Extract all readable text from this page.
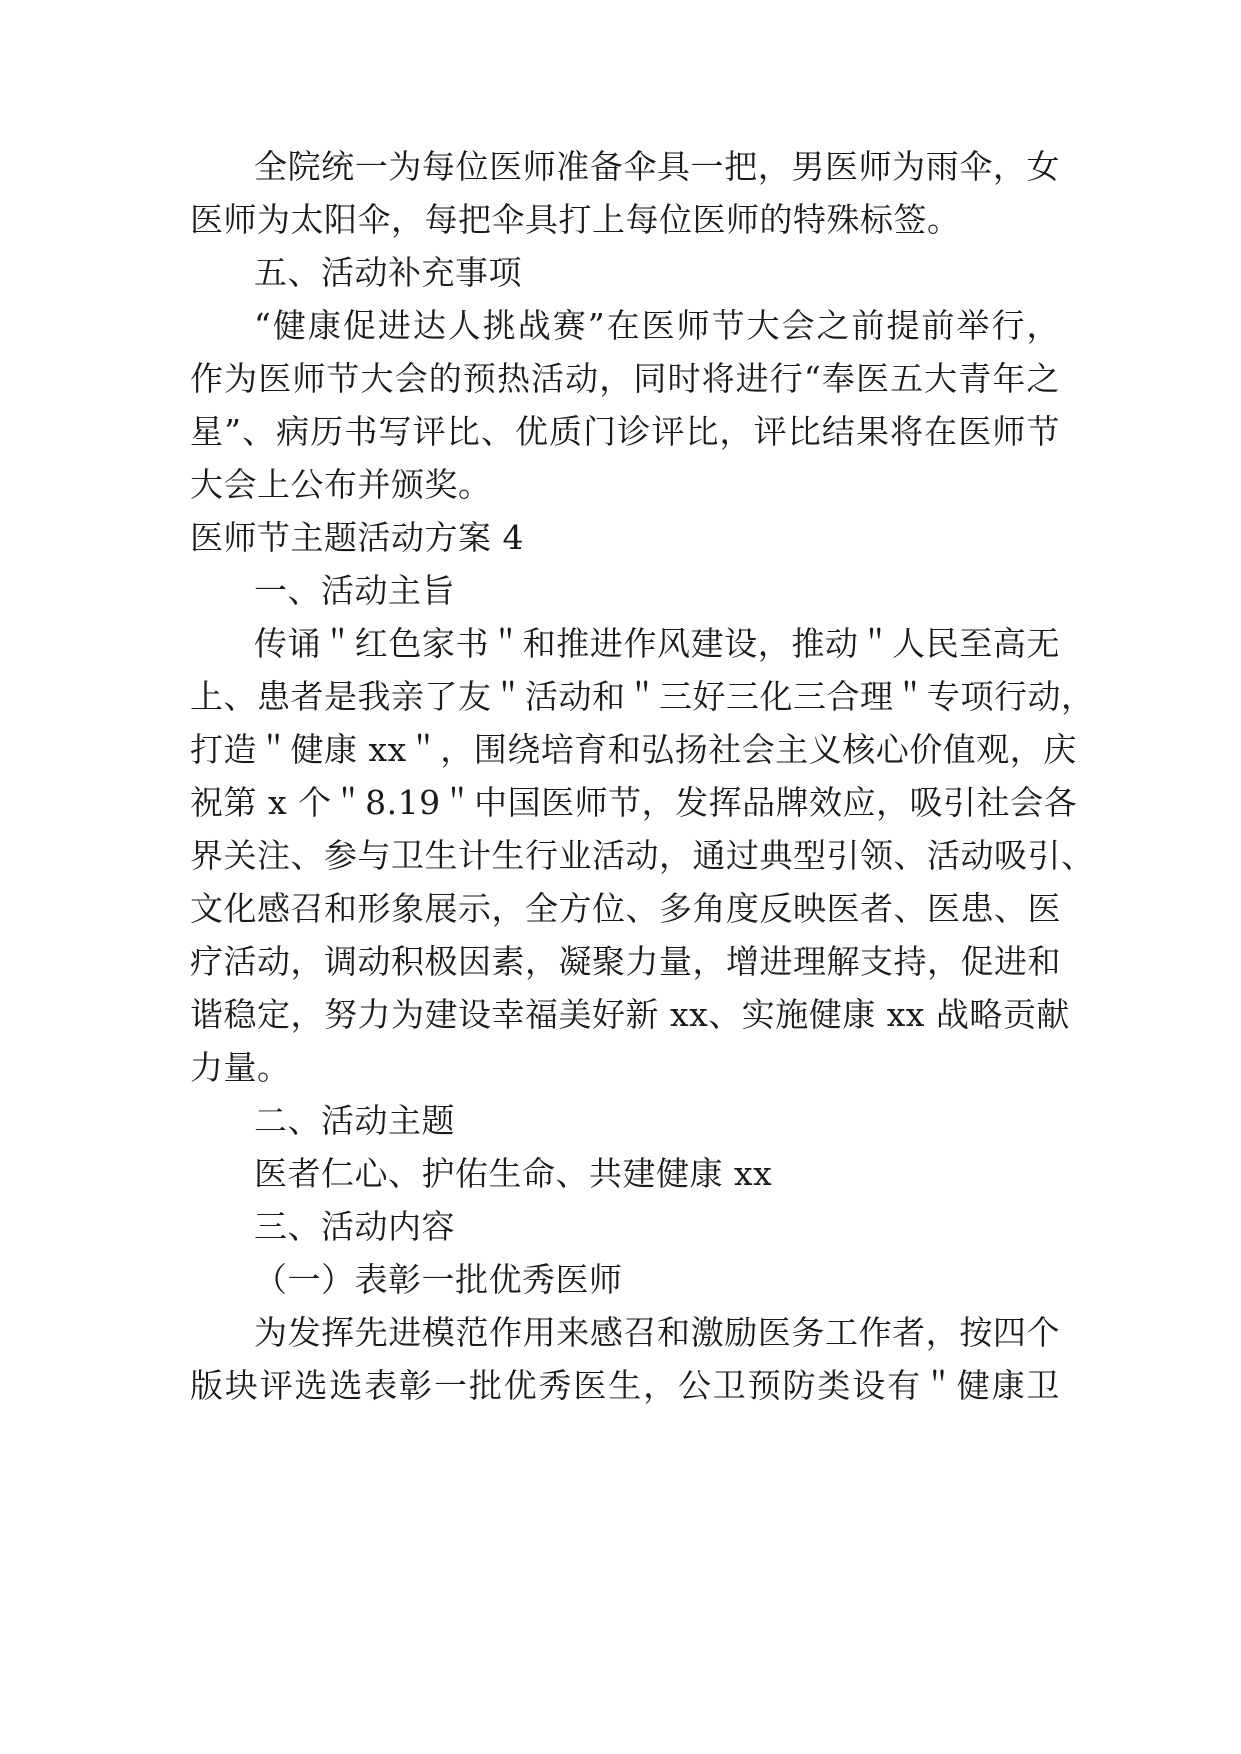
全院统一为每位医师准备伞具一把，男医师为雨伞，女
医师为太阳伞，每把伞具打上每位医师的特殊标签。
五、活动补充事项
“健康促进达人挑战赛”在医师节大会之前提前举行，
作为医师节大会的预热活动，同时将进行“奉医五大青年之
星”、病历书写评比、优质门诊评比，评比结果将在医师节
大会上公布并颁奖。
医师节主题活动方案 4
一、活动主旨
传诵＂红色家书＂和推进作风建设，推动＂人民至高无
上、患者是我亲了友＂活动和＂三好三化三合理＂专项行动，
打造＂健康 xx＂，围绕培育和弘扬社会主义核心价值观，庆
祝第 x 个＂8.19＂中国医师节，发挥品牌效应，吸引社会各
界关注、参与卫生计生行业活动，通过典型引领、活动吸引、
文化感召和形象展示，全方位、多角度反映医者、医患、医
疗活动，调动积极因素，凝聚力量，增进理解支持，促进和
谐稳定，努力为建设幸福美好新 xx、实施健康 xx 战略贡献
力量。
二、活动主题
医者仁心、护佑生命、共建健康 xx
三、活动内容
（一）表彰一批优秀医师
为发挥先进模范作用来感召和激励医务工作者，按四个
版块评选选表彰一批优秀医生，公卫预防类设有＂健康卫
